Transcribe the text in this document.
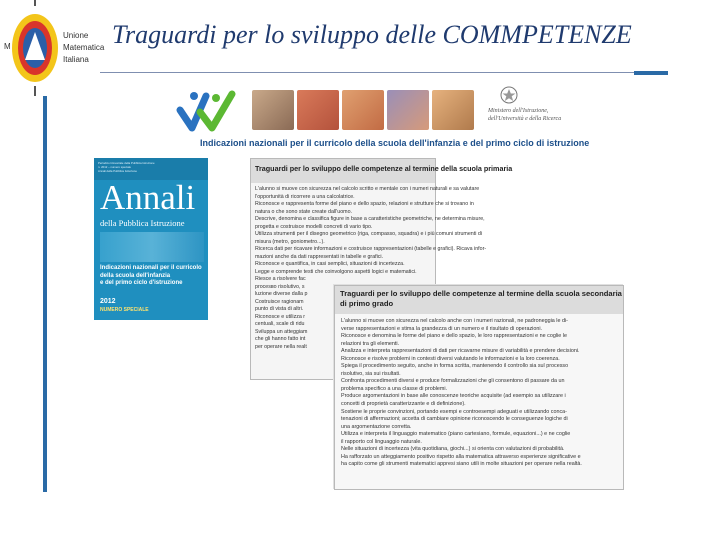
M
Unione
Matematica
Italiana
Traguardi per lo sviluppo delle COMMPETENZE
Ministero dell'Istruzione,
dell'Università e della Ricerca
Indicazioni nazionali per il curricolo della scuola dell'infanzia e del primo ciclo di istruzione
Periodico trimestrale della Pubblica Istruzione
n. 2012 – numero speciale
Annali della Pubblica Istruzione
Annali
della Pubblica Istruzione
Indicazioni nazionali per il curricolo
della scuola dell'infanzia
e del primo ciclo d'istruzione
2012
NUMERO SPECIALE
Traguardi per lo sviluppo delle competenze al termine della scuola primaria
L'alunno si muove con sicurezza nel calcolo scritto e mentale con i numeri naturali e sa valutare
l'opportunità di ricorrere a una calcolatrice.
Riconosce e rappresenta forme del piano e dello spazio, relazioni e strutture che si trovano in
natura o che sono state create dall'uomo.
Descrive, denomina e classifica figure in base a caratteristiche geometriche, ne determina misure,
progetta e costruisce modelli concreti di vario tipo.
Utilizza strumenti per il disegno geometrico (riga, compasso, squadra) e i più comuni strumenti di
misura (metro, goniometro...).
Ricerca dati per ricavare informazioni e costruisce rappresentazioni (tabelle e grafici). Ricava infor-
mazioni anche da dati rappresentati in tabelle e grafici.
Riconosce e quantifica, in casi semplici, situazioni di incertezza.
Legge e comprende testi che coinvolgono aspetti logici e matematici.
Riesce a risolvere fac
procesво risolutivo, s
luzione diverse dalla p
Costruisce ragionam
punto di vista di altri.
Riconosce e utilizza r
centuali, scale di ridu
Sviluppa un atteggiam
che gli hanno fatto int
per operare nella realt
Traguardi per lo sviluppo delle competenze al termine della scuola secondaria
di primo grado
L'alunno si muove con sicurezza nel calcolo anche con i numeri razionali, ne padroneggia le di-
verse rappresentazioni e stima la grandezza di un numero e il risultato di operazioni.
Riconosce e denomina le forme del piano e dello spazio, le loro rappresentazioni e ne coglie le
relazioni tra gli elementi.
Analizza e interpreta rappresentazioni di dati per ricavarne misure di variabilità e prendere decisioni.
Riconosce e risolve problemi in contesti diversi valutando le informazioni e la loro coerenza.
Spiega il procedimento seguito, anche in forma scritta, mantenendo il controllo sia sul processo
risolutivo, sia sui risultati.
Confronta procedimenti diversi e produce formalizzazioni che gli consentono di passare da un
problema specifico a una classe di problemi.
Produce argomentazioni in base alle conoscenze teoriche acquisite (ad esempio sa utilizzare i
concetti di proprietà caratterizzante e di definizione).
Sostiene le proprie convinzioni, portando esempi e controesempi adeguati e utilizzando conca-
tenazioni di affermazioni; accetta di cambiare opinione riconoscendo le conseguenze logiche di
una argomentazione corretta.
Utilizza e interpreta il linguaggio matematico (piano cartesiano, formule, equazioni...) e ne coglie
il rapporto col linguaggio naturale.
Nelle situazioni di incertezza (vita quotidiana, giochi...) si orienta con valutazioni di probabilità.
Ha rafforzato un atteggiamento positivo rispetto alla matematica attraverso esperienze significative e
ha capito come gli strumenti matematici appresi siano utili in molte situazioni per operare nella realtà.
